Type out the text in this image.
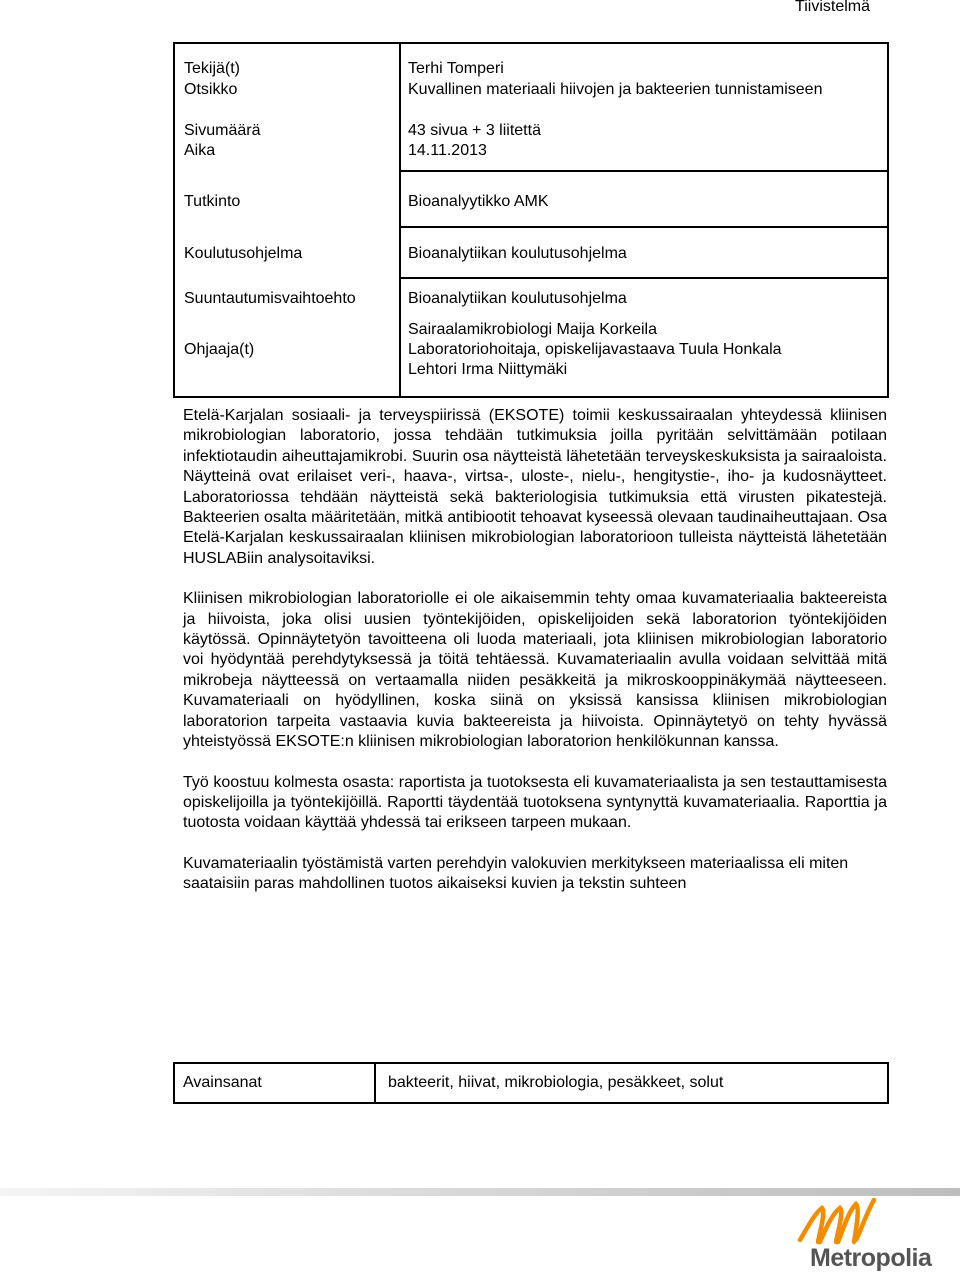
Tiivistelmä
Tekijä(t)
Otsikko
Sivumäärä
Aika
Tutkinto
Koulutusohjelma
Suuntautumisvaihtoehto
Ohjaaja(t)
Terhi Tomperi
Kuvallinen materiaali hiivojen ja bakteerien tunnistamiseen
43 sivua + 3 liitettä
14.11.2013
Bioanalyytikko AMK
Bioanalytiikan koulutusohjelma
Bioanalytiikan koulutusohjelma
Sairaalamikrobiologi Maija Korkeila
Laboratoriohoitaja, opiskelijavastaava Tuula Honkala
Lehtori Irma Niittymäki

Etelä-Karjalan sosiaali- ja terveyspiirissä (EKSOTE) toimii keskussairaalan yhteydessä kliinisen mikrobiologian laboratorio, jossa tehdään tutkimuksia joilla pyritään selvittämään potilaan infektiotaudin aiheuttajamikrobi. Suurin osa näytteistä lähetetään terveyskeskuksista ja sairaaloista. Näytteinä ovat erilaiset veri-, haava-, virtsa-, uloste-, nielu-, hengitystie-, iho- ja kudosnäytteet. Laboratoriossa tehdään näytteistä sekä bakteriologisia tutkimuksia että virusten pikatestejä. Bakteerien osalta määritetään, mitkä antibiootit tehoavat kyseessä olevaan taudinaiheuttajaan. Osa Etelä-Karjalan keskussairaalan kliinisen mikrobiologian laboratorioon tulleista näytteistä lähetetään HUSLABiin analysoitaviksi.

Kliinisen mikrobiologian laboratoriolle ei ole aikaisemmin tehty omaa kuvamateriaalia bakteereista ja hiivoista, joka olisi uusien työntekijöiden, opiskelijoiden sekä laboratorion työntekijöiden käytössä. Opinnäytetyön tavoitteena oli luoda materiaali, jota kliinisen mikrobiologian laboratorio voi hyödyntää perehdytyksessä ja töitä tehtäessä. Kuvamateriaalin avulla voidaan selvittää mitä mikrobeja näytteessä on vertaamalla niiden pesäkkeitä ja mikroskooppinäkymää näytteeseen. Kuvamateriaali on hyödyllinen, koska siinä on yksissä kansissa kliinisen mikrobiologian laboratorion tarpeita vastaavia kuvia bakteereista ja hiivoista. Opinnäytetyö on tehty hyvässä yhteistyössä EKSOTE:n kliinisen mikrobiologian laboratorion henkilökunnan kanssa.

Työ koostuu kolmesta osasta: raportista ja tuotoksesta eli kuvamateriaalista ja sen testauttamisesta opiskelijoilla ja työntekijöillä. Raportti täydentää tuotoksena syntynyttä kuvamateriaalia. Raporttia ja tuotosta voidaan käyttää yhdessä tai erikseen tarpeen mukaan.

Kuvamateriaalin työstämistä varten perehdyin valokuvien merkitykseen materiaalissa eli miten saataisiin paras mahdollinen tuotos aikaiseksi kuvien ja tekstin suhteen

Avainsanat	bakteerit, hiivat, mikrobiologia, pesäkkeet, solut
Metropolia
